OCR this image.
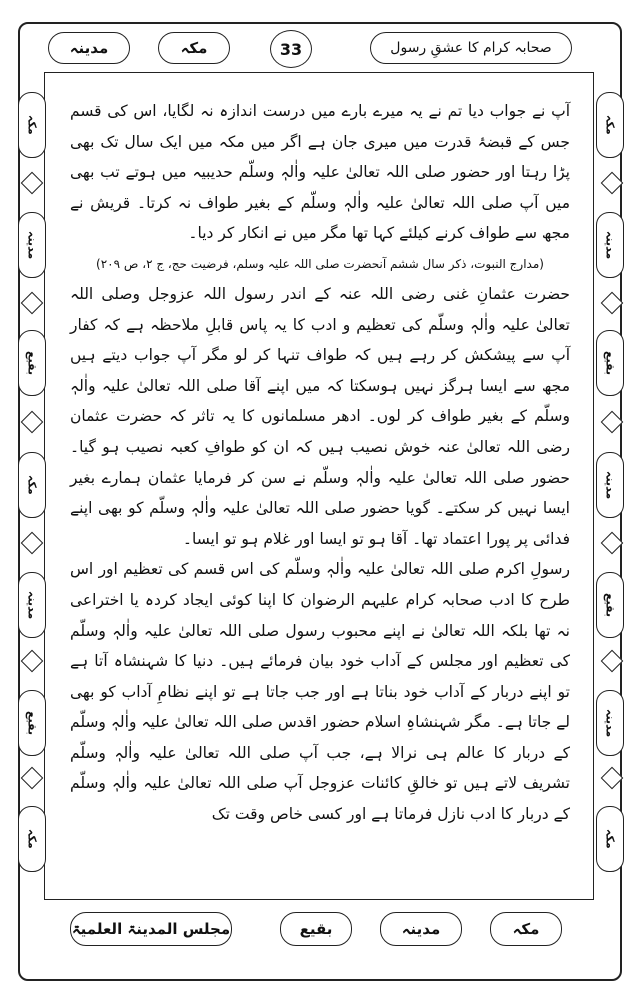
مدینہ	مکہ	33	صحابہ کرام کا عشقِ رسول
مکہ
مدینہ
بقیع
مدینہ
بقیع
مدینہ
مکہ
مکہ
مدینہ
بقیع
مکہ
مدینہ
بقیع
مکہ

آپ نے جواب دیا تم نے یہ میرے بارے میں درست اندازہ نہ لگایا، اس کی قسم جس کے قبضۂ قدرت میں میری جان ہے اگر میں مکہ میں ایک سال تک بھی پڑا رہتا اور حضور صلی اللہ تعالیٰ علیہ واٰلہٖ وسلّم حدیبیہ میں ہوتے تب بھی میں آپ صلی اللہ تعالیٰ علیہ واٰلہٖ وسلّم کے بغیر طواف نہ کرتا۔ قریش نے مجھ سے طواف کرنے کیلئے کہا تھا مگر میں نے انکار کر دیا۔

(مدارج النبوت، ذکر سال ششم آنحضرت صلی اللہ علیہ وسلم، فرضیت حج، ج ۲، ص ۲۰۹)

حضرت عثمانِ غنی رضی اللہ عنہ کے اندر رسول اللہ عزوجل وصلی اللہ تعالیٰ علیہ واٰلہٖ وسلّم کی تعظیم و ادب کا یہ پاس قابلِ ملاحظہ ہے کہ کفار آپ سے پیشکش کر رہے ہیں کہ طواف تنہا کر لو مگر آپ جواب دیتے ہیں مجھ سے ایسا ہرگز نہیں ہوسکتا کہ میں اپنے آقا صلی اللہ تعالیٰ علیہ واٰلہٖ وسلّم کے بغیر طواف کر لوں۔ ادھر مسلمانوں کا یہ تاثر کہ حضرت عثمان رضی اللہ تعالیٰ عنہ خوش نصیب ہیں کہ ان کو طوافِ کعبہ نصیب ہو گیا۔ حضور صلی اللہ تعالیٰ علیہ واٰلہٖ وسلّم نے سن کر فرمایا عثمان ہمارے بغیر ایسا نہیں کر سکتے۔ گویا حضور صلی اللہ تعالیٰ علیہ واٰلہٖ وسلّم کو بھی اپنے فدائی پر پورا اعتماد تھا۔ آقا ہو تو ایسا اور غلام ہو تو ایسا۔

رسولِ اکرم صلی اللہ تعالیٰ علیہ واٰلہٖ وسلّم کی اس قسم کی تعظیم اور اس طرح کا ادب صحابہ کرام علیہم الرضوان کا اپنا کوئی ایجاد کردہ یا اختراعی نہ تھا بلکہ اللہ تعالیٰ نے اپنے محبوب رسول صلی اللہ تعالیٰ علیہ واٰلہٖ وسلّم کی تعظیم اور مجلس کے آداب خود بیان فرمائے ہیں۔ دنیا کا شہنشاہ آتا ہے تو اپنے دربار کے آداب خود بناتا ہے اور جب جاتا ہے تو اپنے نظامِ آداب کو بھی لے جاتا ہے۔ مگر شہنشاہِ اسلام حضور اقدس صلی اللہ تعالیٰ علیہ واٰلہٖ وسلّم کے دربار کا عالم ہی نرالا ہے، جب آپ صلی اللہ تعالیٰ علیہ واٰلہٖ وسلّم تشریف لاتے ہیں تو خالقِ کائنات عزوجل آپ صلی اللہ تعالیٰ علیہ واٰلہٖ وسلّم کے دربار کا ادب نازل فرماتا ہے اور کسی خاص وقت تک

مجلس المدینۃ العلمیۃ	بقیع	مدینہ	مکہ
